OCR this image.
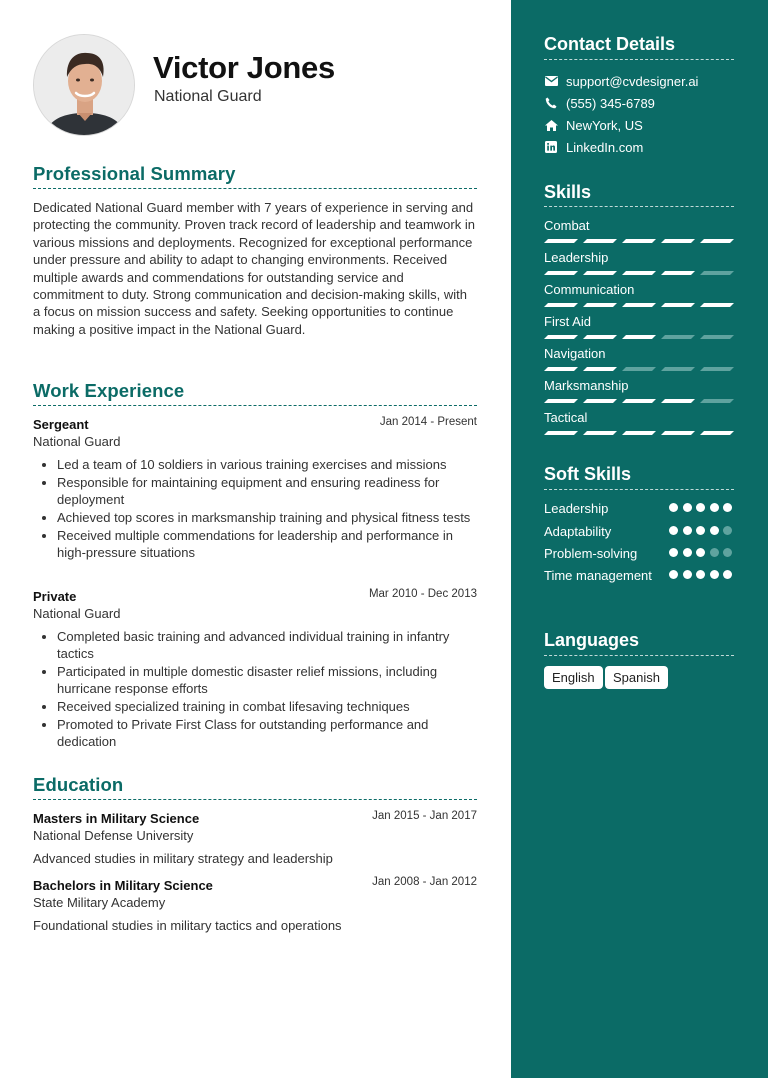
Victor Jones
National Guard
Professional Summary
Dedicated National Guard member with 7 years of experience in serving and protecting the community. Proven track record of leadership and teamwork in various missions and deployments. Recognized for exceptional performance under pressure and ability to adapt to changing environments. Received multiple awards and commendations for outstanding service and commitment to duty. Strong communication and decision-making skills, with a focus on mission success and safety. Seeking opportunities to continue making a positive impact in the National Guard.
Work Experience
Sergeant	Jan 2014 - Present
National Guard
Led a team of 10 soldiers in various training exercises and missions
Responsible for maintaining equipment and ensuring readiness for deployment
Achieved top scores in marksmanship training and physical fitness tests
Received multiple commendations for leadership and performance in high-pressure situations
Private	Mar 2010 - Dec 2013
National Guard
Completed basic training and advanced individual training in infantry tactics
Participated in multiple domestic disaster relief missions, including hurricane response efforts
Received specialized training in combat lifesaving techniques
Promoted to Private First Class for outstanding performance and dedication
Education
Masters in Military Science	Jan 2015 - Jan 2017
National Defense University
Advanced studies in military strategy and leadership
Bachelors in Military Science	Jan 2008 - Jan 2012
State Military Academy
Foundational studies in military tactics and operations
Contact Details
support@cvdesigner.ai
(555) 345-6789
NewYork, US
LinkedIn.com
Skills
Combat
Leadership
Communication
First Aid
Navigation
Marksmanship
Tactical
Soft Skills
Leadership
Adaptability
Problem-solving
Time management
Languages
English	Spanish
